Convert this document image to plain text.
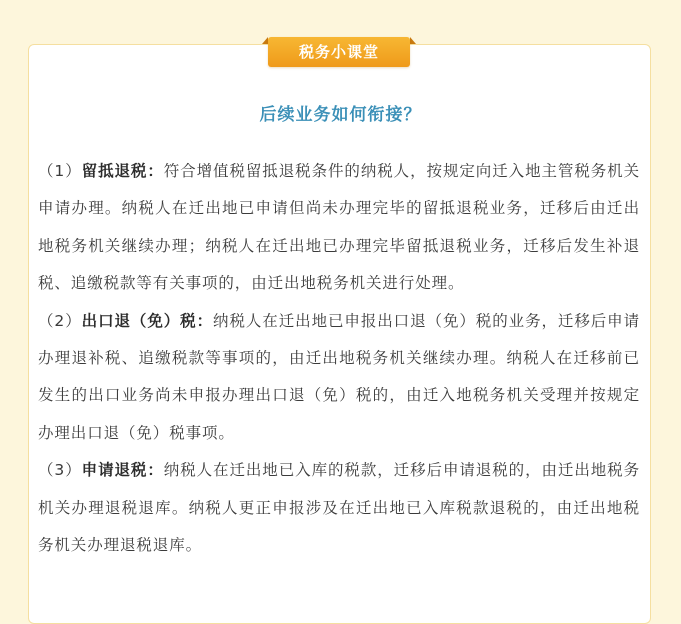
税务小课堂
后续业务如何衔接？

（1）留抵退税：符合增值税留抵退税条件的纳税人，按规定向迁入地主管税务机关申请办理。纳税人在迁出地已申请但尚未办理完毕的留抵退税业务，迁移后由迁出地税务机关继续办理；纳税人在迁出地已办理完毕留抵退税业务，迁移后发生补退税、追缴税款等有关事项的，由迁出地税务机关进行处理。

（2）出口退（免）税：纳税人在迁出地已申报出口退（免）税的业务，迁移后申请办理退补税、追缴税款等事项的，由迁出地税务机关继续办理。纳税人在迁移前已发生的出口业务尚未申报办理出口退（免）税的，由迁入地税务机关受理并按规定办理出口退（免）税事项。

（3）申请退税：纳税人在迁出地已入库的税款，迁移后申请退税的，由迁出地税务机关办理退税退库。纳税人更正申报涉及在迁出地已入库税款退税的，由迁出地税务机关办理退税退库。
